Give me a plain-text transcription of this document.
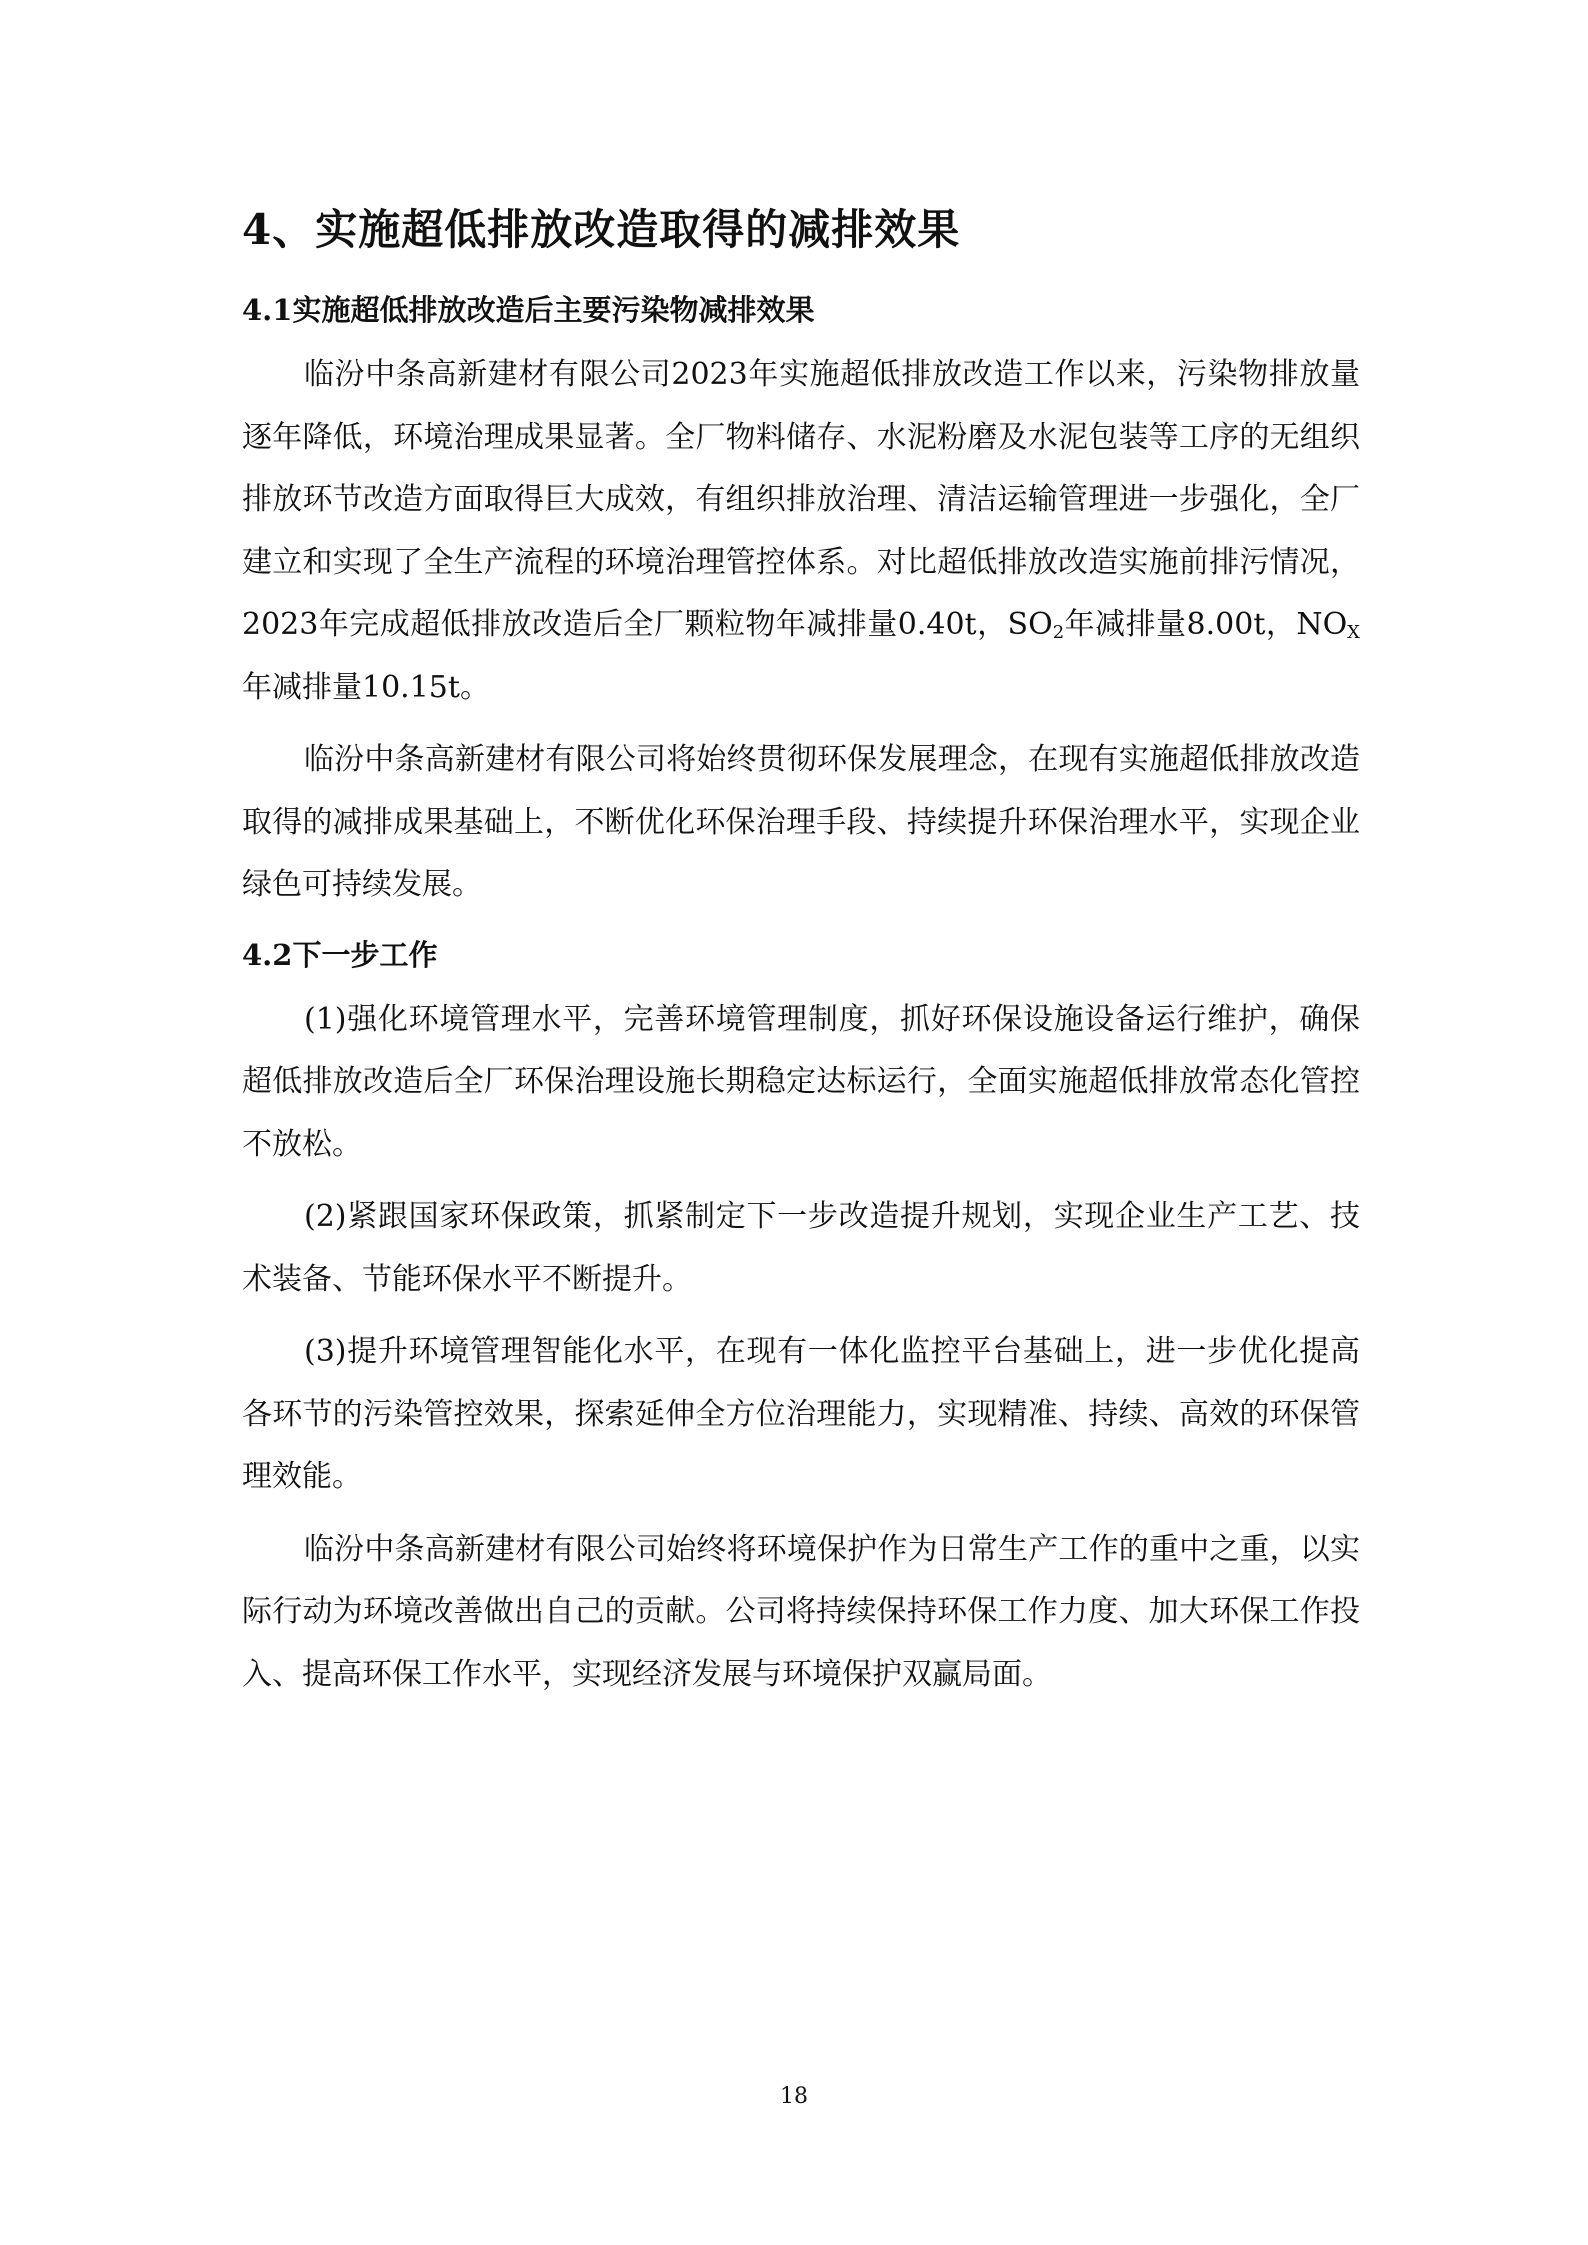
4、实施超低排放改造取得的减排效果
4.1实施超低排放改造后主要污染物减排效果

临汾中条高新建材有限公司2023年实施超低排放改造工作以来，污染物排放量逐年降低，环境治理成果显著。全厂物料储存、水泥粉磨及水泥包装等工序的无组织排放环节改造方面取得巨大成效，有组织排放治理、清洁运输管理进一步强化，全厂建立和实现了全生产流程的环境治理管控体系。对比超低排放改造实施前排污情况，2023年完成超低排放改造后全厂颗粒物年减排量0.40t，$SO_2$年减排量8.00t，$NO_X$年减排量10.15t。

临汾中条高新建材有限公司将始终贯彻环保发展理念，在现有实施超低排放改造取得的减排成果基础上，不断优化环保治理手段、持续提升环保治理水平，实现企业绿色可持续发展。

4.2下一步工作

(1)强化环境管理水平，完善环境管理制度，抓好环保设施设备运行维护，确保超低排放改造后全厂环保治理设施长期稳定达标运行，全面实施超低排放常态化管控不放松。

(2)紧跟国家环保政策，抓紧制定下一步改造提升规划，实现企业生产工艺、技术装备、节能环保水平不断提升。

(3)提升环境管理智能化水平，在现有一体化监控平台基础上，进一步优化提高各环节的污染管控效果，探索延伸全方位治理能力，实现精准、持续、高效的环保管理效能。

临汾中条高新建材有限公司始终将环境保护作为日常生产工作的重中之重，以实际行动为环境改善做出自己的贡献。公司将持续保持环保工作力度、加大环保工作投入、提高环保工作水平，实现经济发展与环境保护双赢局面。

18
